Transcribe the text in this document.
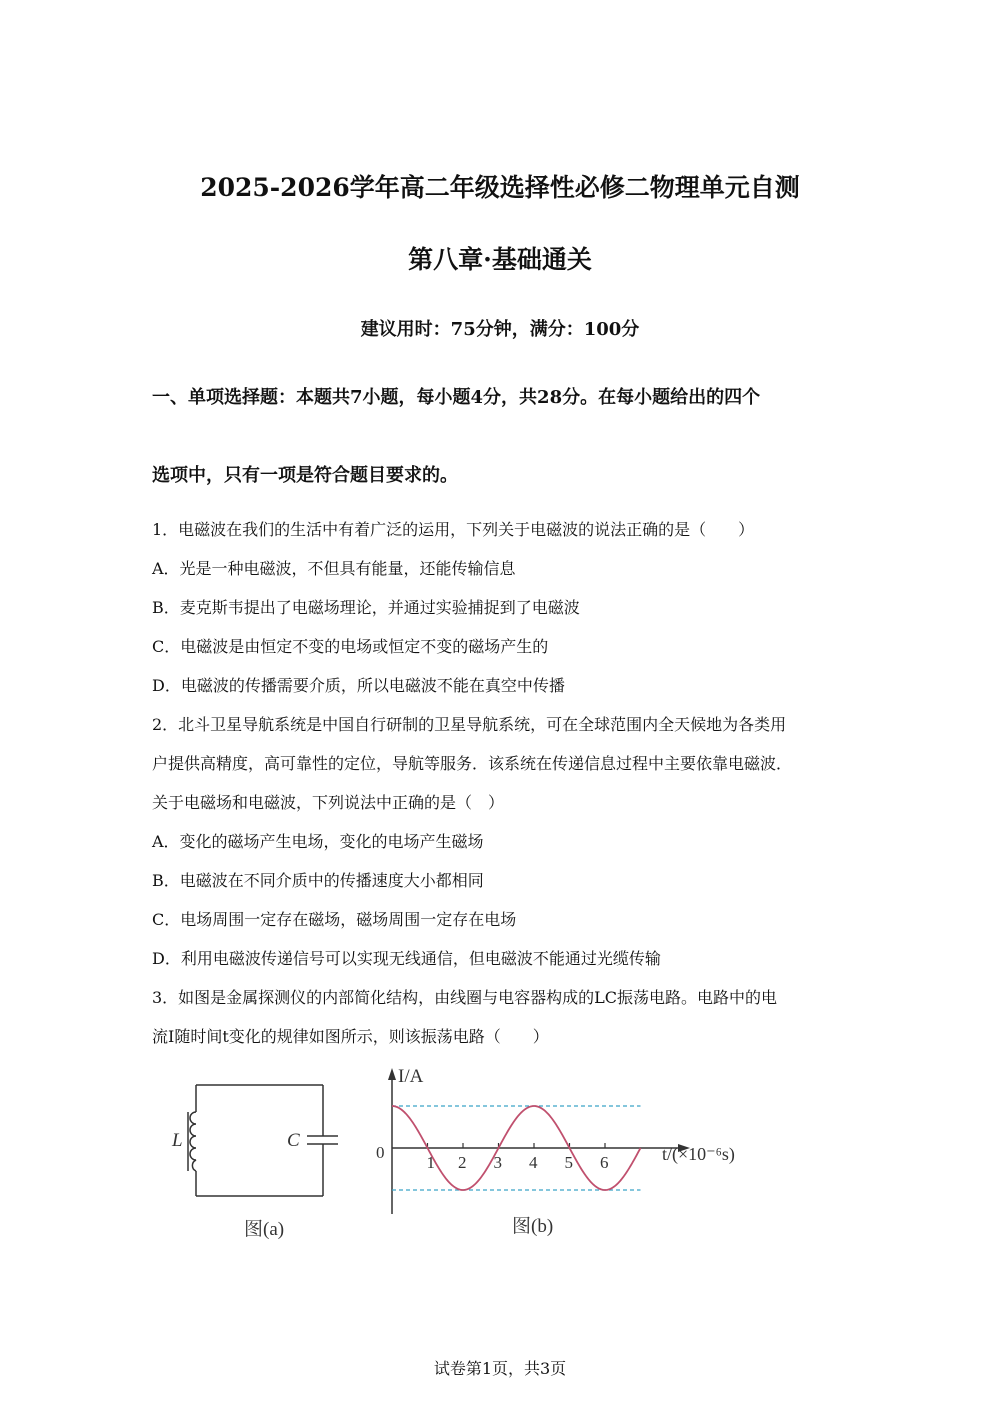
2025-2026学年高二年级选择性必修二物理单元自测
第八章·基础通关
建议用时：75分钟，满分：100分
一、单项选择题：本题共7小题，每小题4分，共28分。在每小题给出的四个
选项中，只有一项是符合题目要求的。
1．电磁波在我们的生活中有着广泛的运用，下列关于电磁波的说法正确的是（　　）
A．光是一种电磁波，不但具有能量，还能传输信息
B．麦克斯韦提出了电磁场理论，并通过实验捕捉到了电磁波
C．电磁波是由恒定不变的电场或恒定不变的磁场产生的
D．电磁波的传播需要介质，所以电磁波不能在真空中传播
2．北斗卫星导航系统是中国自行研制的卫星导航系统，可在全球范围内全天候地为各类用
户提供高精度，高可靠性的定位，导航等服务．该系统在传递信息过程中主要依靠电磁波．
关于电磁场和电磁波，下列说法中正确的是（　）
A．变化的磁场产生电场，变化的电场产生磁场
B．电磁波在不同介质中的传播速度大小都相同
C．电场周围一定存在磁场，磁场周围一定存在电场
D．利用电磁波传递信号可以实现无线通信，但电磁波不能通过光缆传输
3．如图是金属探测仪的内部简化结构，由线圈与电容器构成的LC振荡电路。电路中的电
流I随时间t变化的规律如图所示，则该振荡电路（　　）
L	C
图(a)
1 2 3 4 5 6
I/A
0	t/(×10⁻⁶s)
图(b)
试卷第1页，共3页
